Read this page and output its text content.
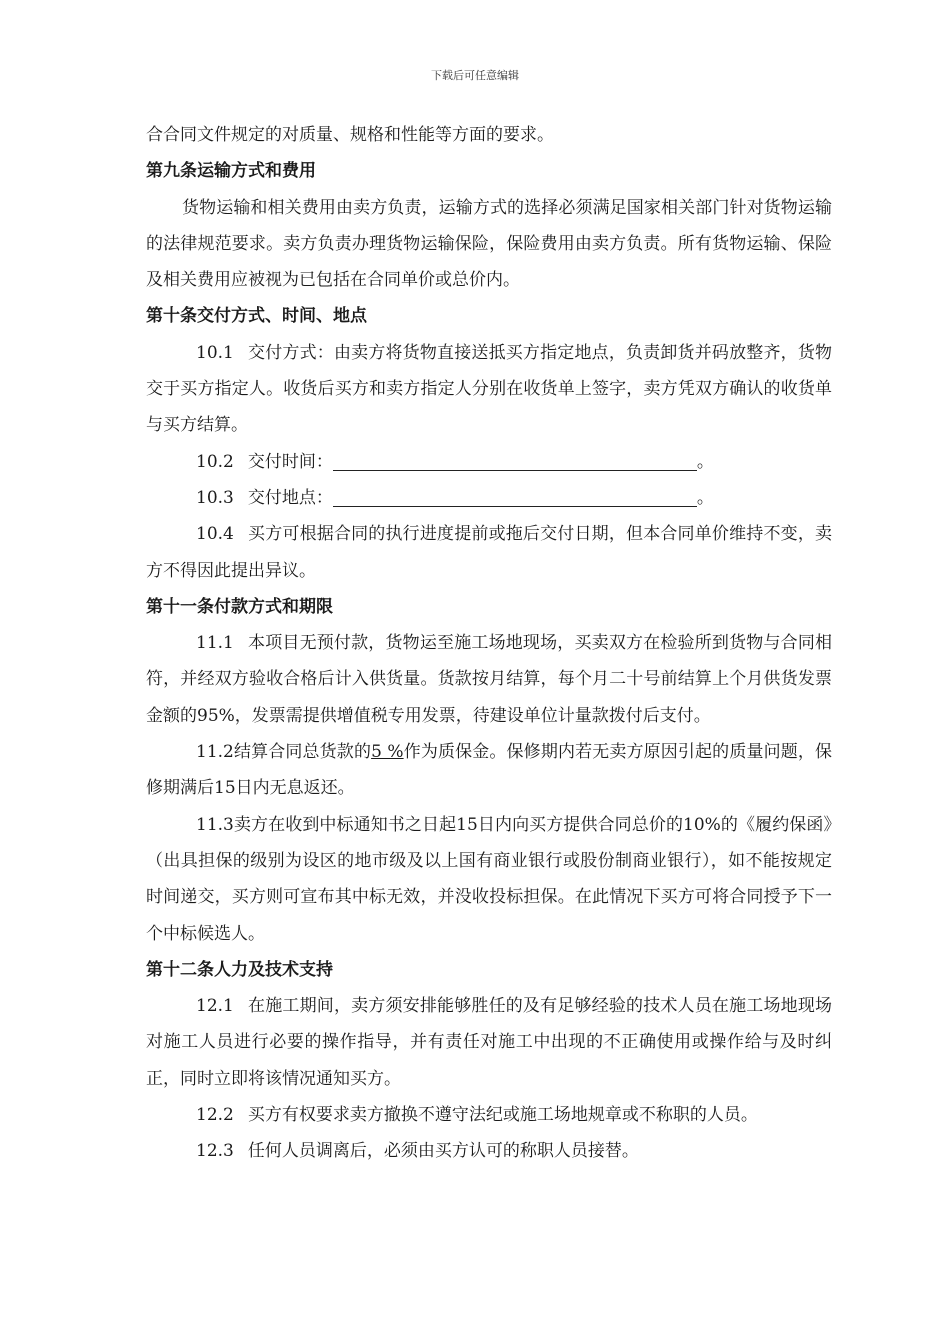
下载后可任意编辑

合合同文件规定的对质量、规格和性能等方面的要求。

第九条运输方式和费用

货物运输和相关费用由卖方负责，运输方式的选择必须满足国家相关部门针对货物运输的法律规范要求。卖方负责办理货物运输保险，保险费用由卖方负责。所有货物运输、保险及相关费用应被视为已包括在合同单价或总价内。

第十条交付方式、时间、地点

10.1 交付方式：由卖方将货物直接送抵买方指定地点，负责卸货并码放整齐，货物交于买方指定人。收货后买方和卖方指定人分别在收货单上签字，卖方凭双方确认的收货单与买方结算。

10.2 交付时间：	。

10.3 交付地点：	。

10.4 买方可根据合同的执行进度提前或拖后交付日期，但本合同单价维持不变，卖方不得因此提出异议。

第十一条付款方式和期限

11.1 本项目无预付款，货物运至施工场地现场，买卖双方在检验所到货物与合同相符，并经双方验收合格后计入供货量。货款按月结算，每个月二十号前结算上个月供货发票金额的95%，发票需提供增值税专用发票，待建设单位计量款拨付后支付。

11.2结算合同总货款的5 %作为质保金。保修期内若无卖方原因引起的质量问题，保修期满后15日内无息返还。

11.3卖方在收到中标通知书之日起15日内向买方提供合同总价的10%的《履约保函》（出具担保的级别为设区的地市级及以上国有商业银行或股份制商业银行），如不能按规定时间递交，买方则可宣布其中标无效，并没收投标担保。在此情况下买方可将合同授予下一个中标候选人。

第十二条人力及技术支持

12.1 在施工期间，卖方须安排能够胜任的及有足够经验的技术人员在施工场地现场对施工人员进行必要的操作指导，并有责任对施工中出现的不正确使用或操作给与及时纠正，同时立即将该情况通知买方。

12.2 买方有权要求卖方撤换不遵守法纪或施工场地规章或不称职的人员。

12.3 任何人员调离后，必须由买方认可的称职人员接替。
